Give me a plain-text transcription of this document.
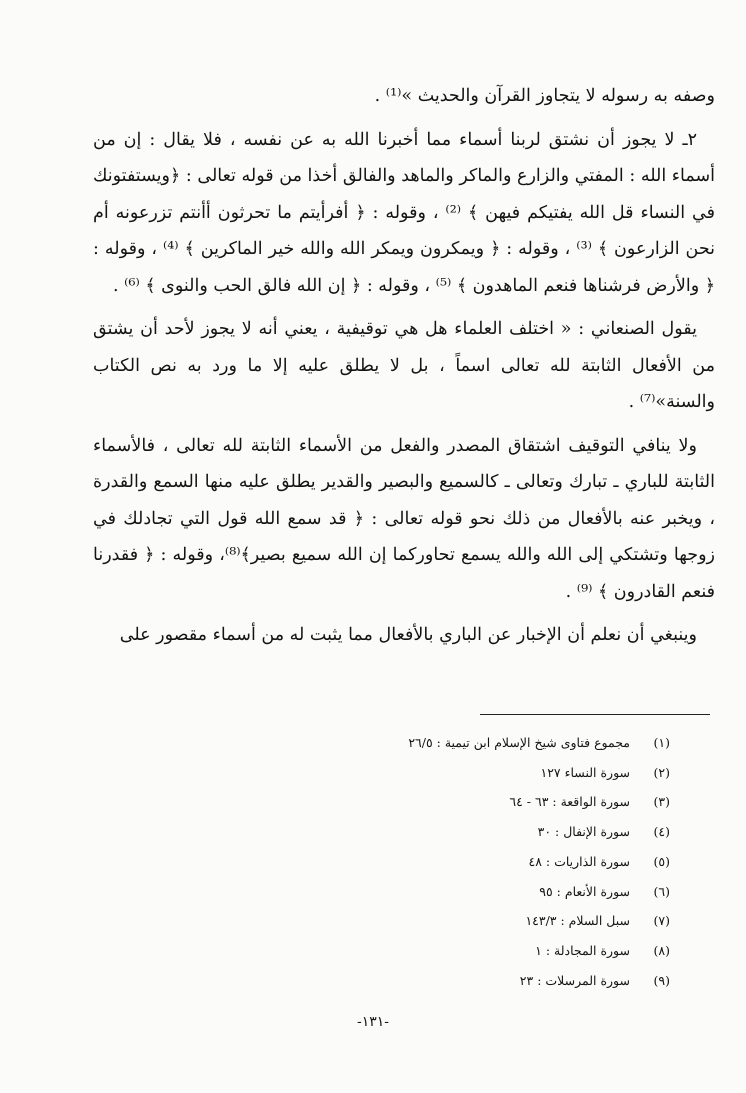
وصفه به رسوله لا يتجاوز القرآن والحديث »⁽¹⁾ .

٢ـ لا يجوز أن نشتق لربنا أسماء مما أخبرنا الله به عن نفسه ، فلا يقال : إن من أسماء الله : المفتي والزارع والماكر والماهد والفالق أخذا من قوله تعالى : ﴿ويستفتونك في النساء قل الله يفتيكم فيهن ﴾ ⁽²⁾ ، وقوله : ﴿ أفرأيتم ما تحرثون أأنتم تزرعونه أم نحن الزارعون ﴾ ⁽³⁾ ، وقوله : ﴿ ويمكرون ويمكر الله والله خير الماكرين ﴾ ⁽⁴⁾ ، وقوله : ﴿ والأرض فرشناها فنعم الماهدون ﴾ ⁽⁵⁾ ، وقوله : ﴿ إن الله فالق الحب والنوى ﴾ ⁽⁶⁾ .

يقول الصنعاني : « اختلف العلماء هل هي توقيفية ، يعني أنه لا يجوز لأحد أن يشتق من الأفعال الثابتة لله تعالى اسماً ، بل لا يطلق عليه إلا ما ورد به نص الكتاب والسنة»⁽⁷⁾ .

ولا ينافي التوقيف اشتقاق المصدر والفعل من الأسماء الثابتة لله تعالى ، فالأسماء الثابتة للباري ـ تبارك وتعالى ـ كالسميع والبصير والقدير يطلق عليه منها السمع والقدرة ، ويخبر عنه بالأفعال من ذلك نحو قوله تعالى : ﴿ قد سمع الله قول التي تجادلك في زوجها وتشتكي إلى الله والله يسمع تحاوركما إن الله سميع بصير﴾⁽⁸⁾، وقوله : ﴿ فقدرنا فنعم القادرون ﴾ ⁽⁹⁾ .

وينبغي أن نعلم أن الإخبار عن الباري بالأفعال مما يثبت له من أسماء مقصور على

(١)مجموع فتاوى شيخ الإسلام ابن تيمية : ٢٦/٥
(٢)سورة النساء ١٢٧
(٣)سورة الواقعة : ٦٣ - ٦٤
(٤)سورة الإنفال : ٣٠
(٥)سورة الذاريات : ٤٨
(٦)سورة الأنعام : ٩٥
(٧)سبل السلام : ١٤٣/٣
(٨)سورة المجادلة : ١
(٩)سورة المرسلات : ٢٣
-١٣١-
